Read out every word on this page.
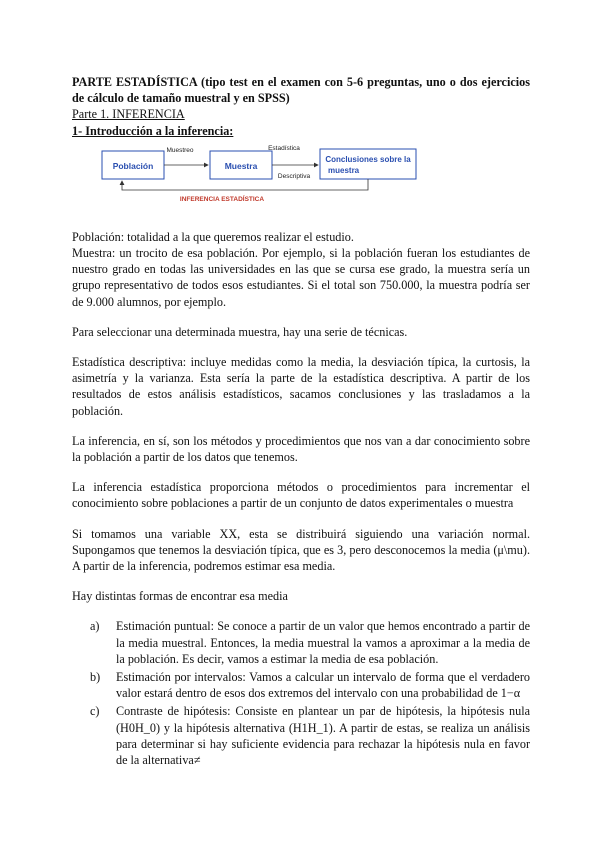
PARTE ESTADÍSTICA (tipo test en el examen con 5-6 preguntas, uno o dos ejercicios de cálculo de tamaño muestral y en SPSS)

Parte 1. INFERENCIA

1- Introducción a la inferencia:

Población	Muestra
Conclusiones sobre la
muestra
Muestreo	Estadística
Descriptiva
INFERENCIA ESTADÍSTICA

Población: totalidad a la que queremos realizar el estudio.

Muestra: un trocito de esa población. Por ejemplo, si la población fueran los estudiantes de nuestro grado en todas las universidades en las que se cursa ese grado, la muestra sería un grupo representativo de todos esos estudiantes. Si el total son 750.000, la muestra podría ser de 9.000 alumnos, por ejemplo.

Para seleccionar una determinada muestra, hay una serie de técnicas.

Estadística descriptiva: incluye medidas como la media, la desviación típica, la curtosis, la asimetría y la varianza. Esta sería la parte de la estadística descriptiva. A partir de los resultados de estos análisis estadísticos, sacamos conclusiones y las trasladamos a la población.

La inferencia, en sí, son los métodos y procedimientos que nos van a dar conocimiento sobre la población a partir de los datos que tenemos.

La inferencia estadística proporciona métodos o procedimientos para incrementar el conocimiento sobre poblaciones a partir de un conjunto de datos experimentales o muestra

Si tomamos una variable XX, esta se distribuirá siguiendo una variación normal. Supongamos que tenemos la desviación típica, que es 3, pero desconocemos la media (μ\mu). A partir de la inferencia, podremos estimar esa media.

Hay distintas formas de encontrar esa media

a)	Estimación puntual: Se conoce a partir de un valor que hemos encontrado a partir de la media muestral. Entonces, la media muestral la vamos a aproximar a la media de la población. Es decir, vamos a estimar la media de esa población.
b)	Estimación por intervalos: Vamos a calcular un intervalo de forma que el verdadero valor estará dentro de esos dos extremos del intervalo con una probabilidad de 1−α
c)	Contraste de hipótesis: Consiste en plantear un par de hipótesis, la hipótesis nula (H0H_0) y la hipótesis alternativa (H1H_1). A partir de estas, se realiza un análisis para determinar si hay suficiente evidencia para rechazar la hipótesis nula en favor de la alternativa≠
